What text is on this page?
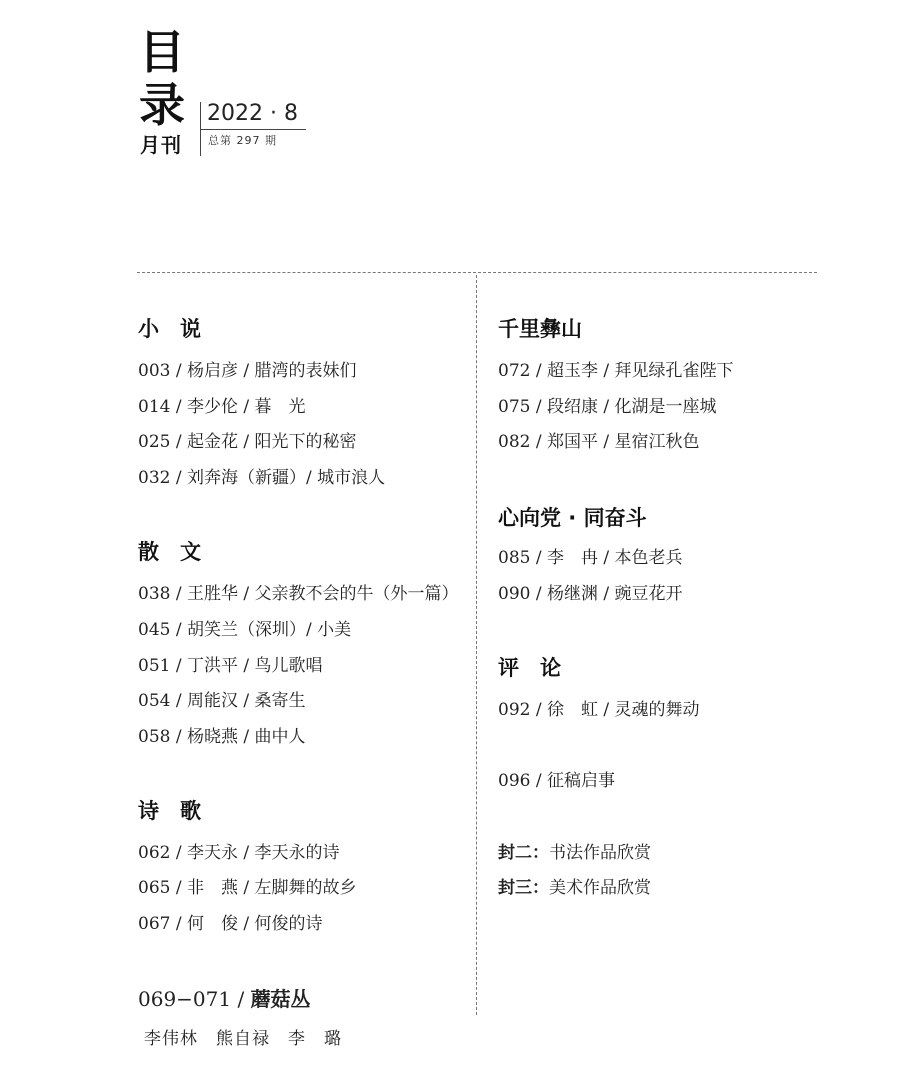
目
录
月刊
2022 · 8
总第 297 期
小　说
003 / 杨启彦 / 腊湾的表妹们
014 / 李少伦 / 暮　光
025 / 起金花 / 阳光下的秘密
032 / 刘奔海（新疆）/ 城市浪人
散　文
038 / 王胜华 / 父亲教不会的牛（外一篇）
045 / 胡笑兰（深圳）/ 小美
051 / 丁洪平 / 鸟儿歌唱
054 / 周能汉 / 桑寄生
058 / 杨晓燕 / 曲中人
诗　歌
062 / 李天永 / 李天永的诗
065 / 非　燕 / 左脚舞的故乡
067 / 何　俊 / 何俊的诗
069−071 / 蘑菇丛
李伟林　熊自禄　李　璐
千里彝山
072 / 超玉李 / 拜见绿孔雀陛下
075 / 段绍康 / 化湖是一座城
082 / 郑国平 / 星宿江秋色
心向党 · 同奋斗
085 / 李　冉 / 本色老兵
090 / 杨继渊 / 豌豆花开
评　论
092 / 徐　虹 / 灵魂的舞动
096 / 征稿启事
封二：书法作品欣赏
封三：美术作品欣赏
